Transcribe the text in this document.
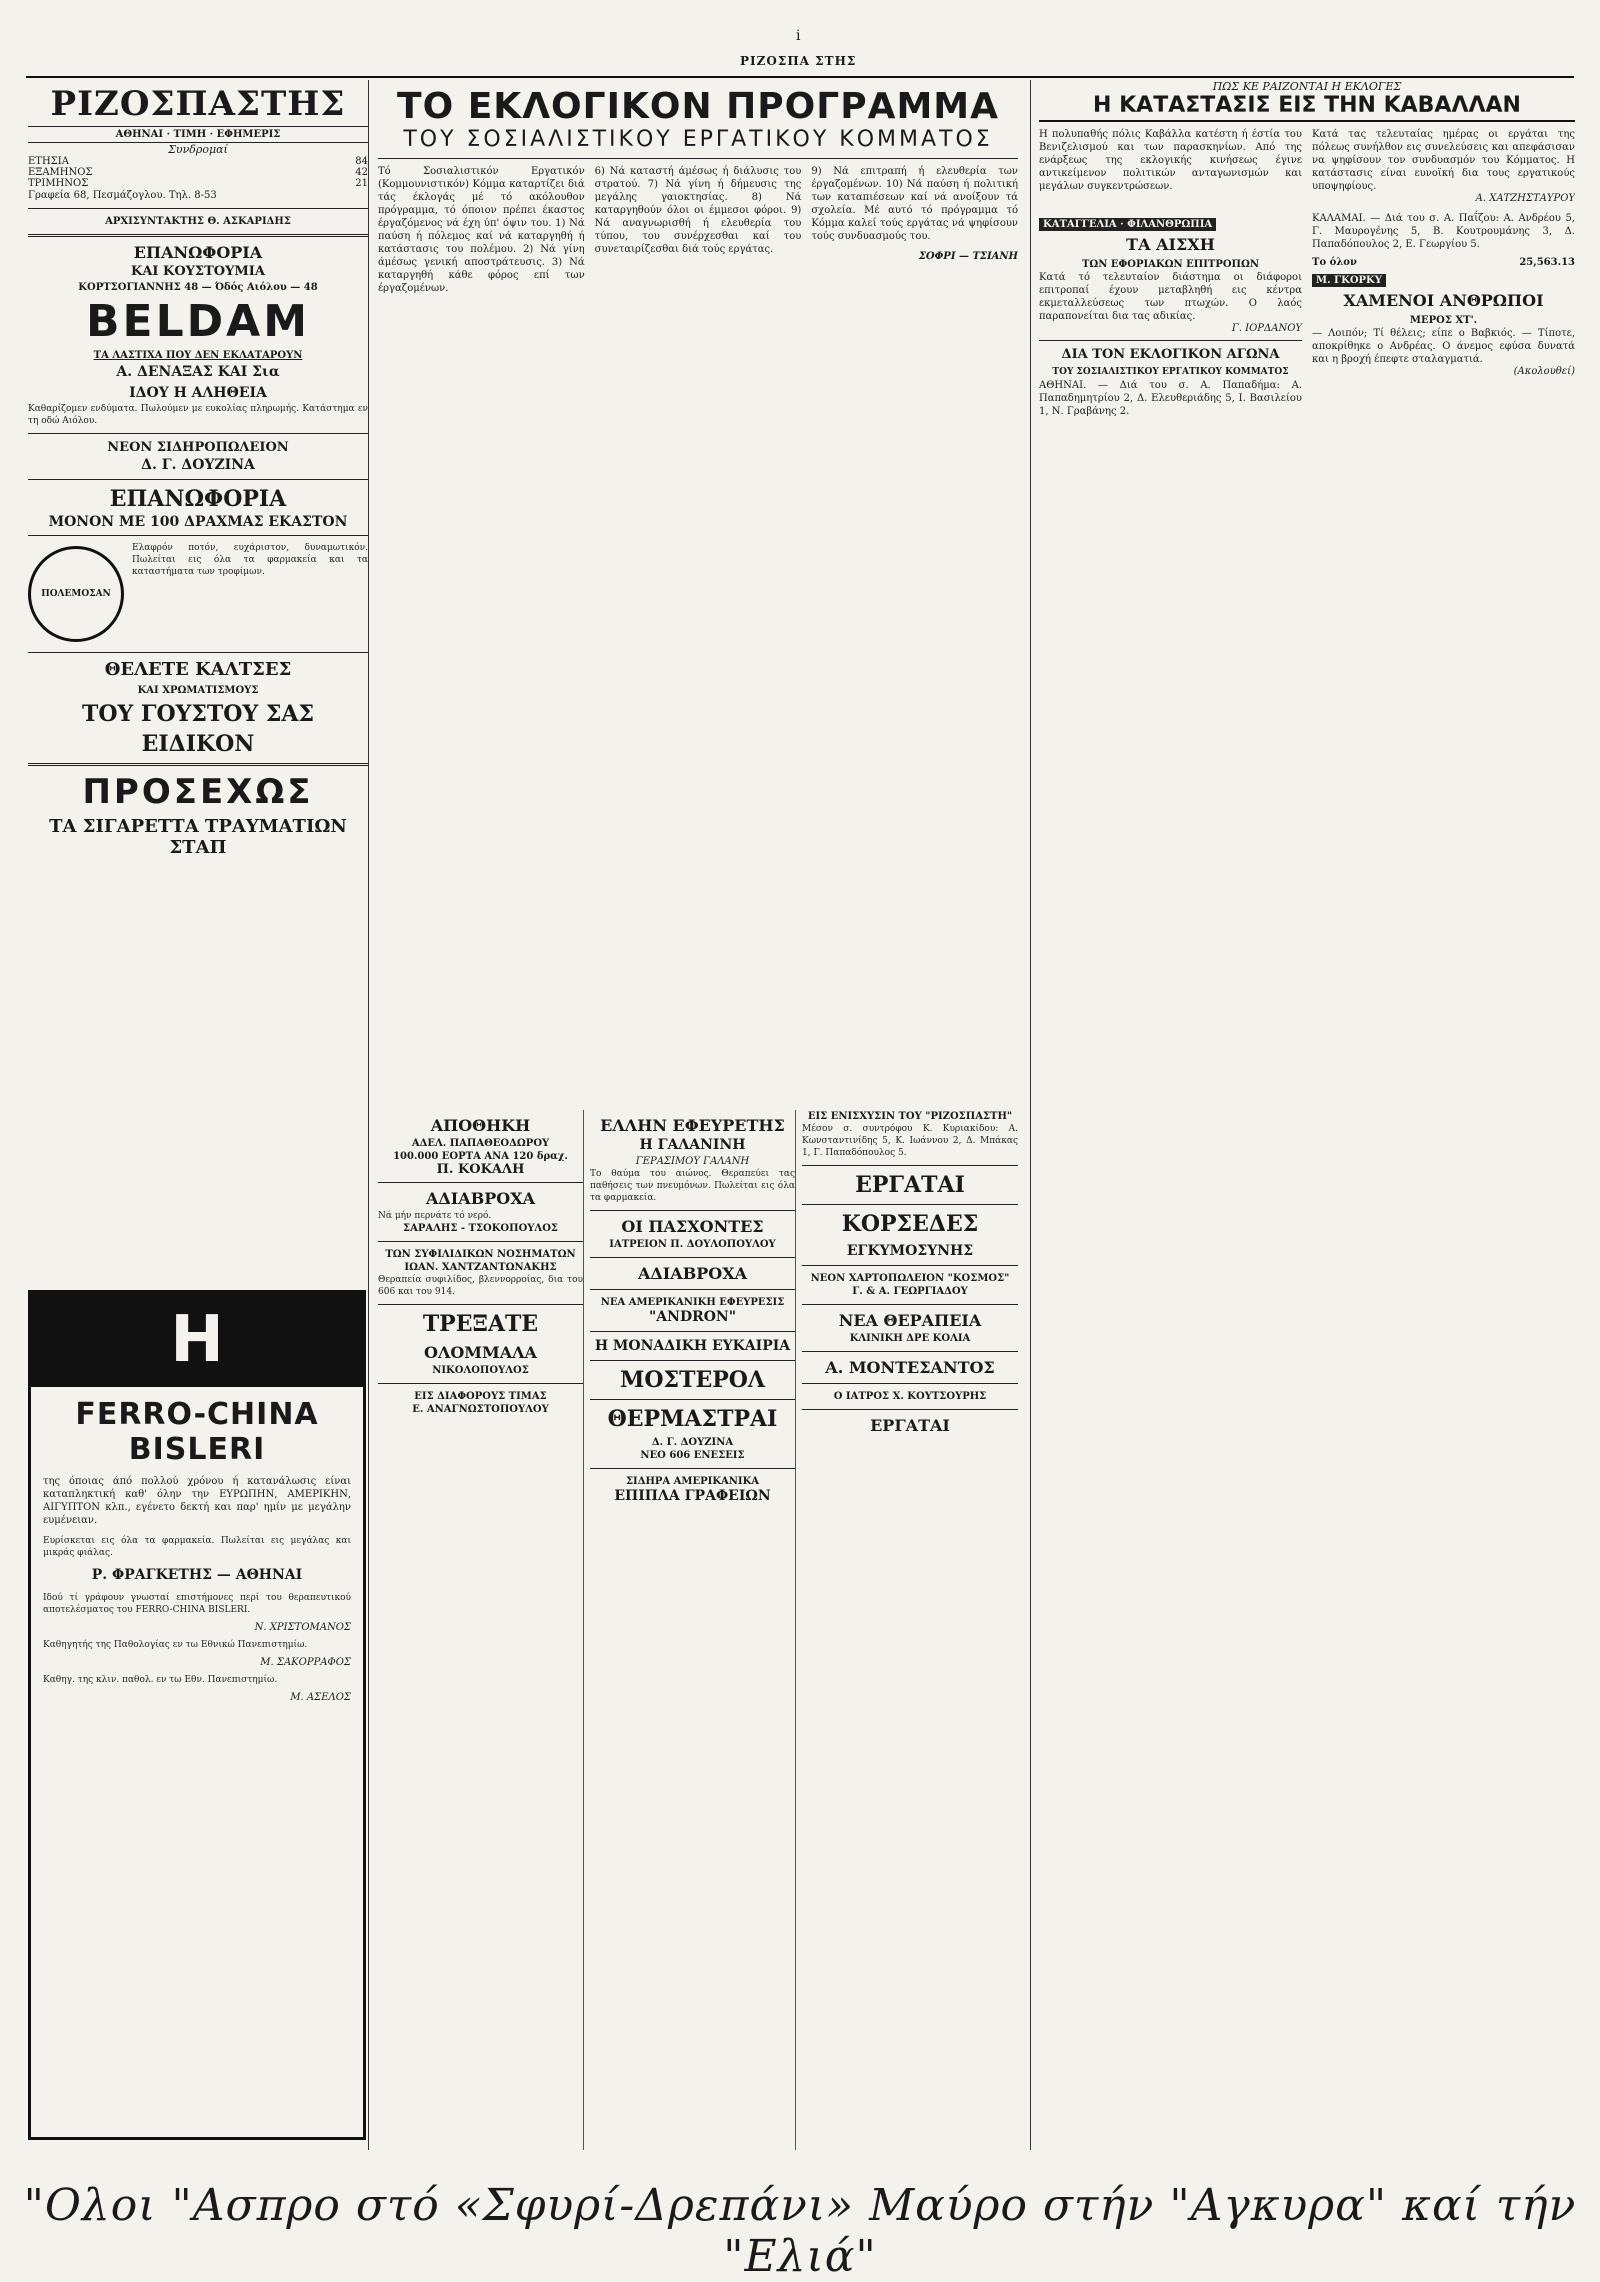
i
ΡΙΖΟΣΠΑ ΣΤΗΣ
ΡΙΖΟΣΠΑΣΤΗΣ
ΑΘΗΝΑΙ · ΤΙΜΗ · ΕΦΗΜΕΡΙΣ
Συνδρομαί
ΕΤΗΣΙΑ	84
ΕΞΑΜΗΝΟΣ	42
ΤΡΙΜΗΝΟΣ	21
Γραφεία 68, Πεσμάζογλου. Τηλ. 8-53
ΑΡΧΙΣΥΝΤΑΚΤΗΣ Θ. ΑΣΚΑΡΙΔΗΣ
ΕΠΑΝΩΦΟΡΙΑ
ΚΑΙ ΚΟΥΣΤΟΥΜΙΑ
ΚΟΡΤΣΟΓΙΑΝΝΗΣ 48 — Όδός Αιόλου — 48
BELDAM
ΤΑ ΛΑΣΤΙΧΑ ΠΟΥ ΔΕΝ ΕΚΛΑΤΑΡΟΥΝ
Α. ΔΕΝΑΞΑΣ ΚΑΙ Σια
ΙΔΟΥ Η ΑΛΗΘΕΙΑ
Καθαρίζομεν ενδύματα. Πωλούμεν με ευκολίας πληρωμής. Κατάστημα εν τη οδώ Αιόλου.
ΝΕΟΝ ΣΙΔΗΡΟΠΩΛΕΙΟΝ
Δ. Γ. ΔΟΥΖΙΝΑ
ΕΠΑΝΩΦΟΡΙΑ
ΜΟΝΟΝ ΜΕ 100 ΔΡΑΧΜΑΣ ΕΚΑΣΤΟΝ
ΠΟΛΕΜΟΣΑΝ
Ελαφρόν ποτόν, ευχάριστον, δυναμωτικόν. Πωλείται εις όλα τα φαρμακεία και τα καταστήματα των τροφίμων.
ΘΕΛΕΤΕ ΚΑΛΤΣΕΣ
ΚΑΙ ΧΡΩΜΑΤΙΣΜΟΥΣ
ΤΟΥ ΓΟΥΣΤΟΥ ΣΑΣ
ΕΙΔΙΚΟΝ
ΠΡΟΣΕΧΩΣ
ΤΑ ΣΙΓΑΡΕΤΤΑ ΤΡΑΥΜΑΤΙΩΝ ΣΤΑΠ
Η
FERRO-CHINA BISLERI
της όποιας άπό πολλού χρόνου ή κατανάλωσις είναι καταπληκτική καθ' όλην την ΕΥΡΩΠΗΝ, ΑΜΕΡΙΚΗΝ, ΑΙΓΥΠΤΟΝ κλπ., εγένετο δεκτή και παρ' ημίν με μεγάλην ευμένειαν.
Ευρίσκεται εις όλα τα φαρμακεία. Πωλείται εις μεγάλας και μικράς φιάλας.
Ρ. ΦΡΑΓΚΕΤΗΣ — ΑΘΗΝΑΙ
Ιδού τί γράφουν γνωσταί επιστήμονες περί του θεραπευτικού αποτελέσματος του FERRO-CHINA BISLERI.
Ν. ΧΡΙΣΤΟΜΑΝΟΣ
Καθηγητής της Παθολογίας εν τω Εθνικώ Πανεπιστημίω.
Μ. ΣΑΚΟΡΡΑΦΟΣ
Καθηγ. της κλιν. παθολ. εν τω Εθν. Πανεπιστημίω.
Μ. ΑΣΕΛΟΣ
ΤΟ ΕΚΛΟΓΙΚΟΝ ΠΡΟΓΡΑΜΜΑ
ΤΟΥ ΣΟΣΙΑΛΙΣΤΙΚΟΥ ΕΡΓΑΤΙΚΟΥ ΚΟΜΜΑΤΟΣ
Τό Σοσιαλιστικόν Εργατικόν (Κομμουνιστικόν) Κόμμα καταρτίζει διά τάς έκλογάς μέ τό ακόλουθον πρόγραμμα, τό όποιον πρέπει έκαστος έργαζόμενος νά έχη ύπ' όψιν του. 1) Νά παύση ή πόλεμος καί νά καταργηθή ή κατάστασις του πολέμου. 2) Νά γίνη άμέσως γενική αποστράτευσις. 3) Νά καταργηθή κάθε φόρος επί των έργαζομένων.
6) Νά καταστή άμέσως ή διάλυσις του στρατού. 7) Νά γίνη ή δήμευσις της μεγάλης γαιοκτησίας. 8) Νά καταργηθούν όλοι οι έμμεσοι φόροι. 9) Νά αναγνωρισθή ή ελευθερία του τύπου, του συνέρχεσθαι καί του συνεταιρίζεσθαι διά τούς εργάτας.
9) Νά επιτραπή ή ελευθερία των έργαζομένων. 10) Νά παύση ή πολιτική των καταπιέσεων καί νά ανοίξουν τά σχολεία. Μέ αυτό τό πρόγραμμα τό Κόμμα καλεί τούς εργάτας νά ψηφίσουν τούς συνδυασμούς του.
ΣΟΦΡΙ — ΤΣΙΑΝΗ
ΑΠΟΘΗΚΗ
ΑΔΕΛ. ΠΑΠΑΘΕΟΔΩΡΟΥ
100.000 ΕΟΡΤΑ ΑΝΑ 120 δραχ.
Π. ΚΟΚΑΛΗ
ΑΔΙΑΒΡΟΧΑ
Νά μήν περνάτε τό νερό.
ΣΑΡΑΛΗΣ - ΤΣΟΚΟΠΟΥΛΟΣ
ΤΩΝ ΣΥΦΙΛΙΔΙΚΩΝ ΝΟΣΗΜΑΤΩΝ
ΙΩΑΝ. ΧΑΝΤΖΑΝΤΩΝΑΚΗΣ
Θεραπεία συφιλίδος, βλεννορροίας, δια του 606 και του 914.
ΤΡΕΞΑΤΕ
ΟΛΟΜΜΑΛΑ
ΝΙΚΟΛΟΠΟΥΛΟΣ
ΕΙΣ ΔΙΑΦΟΡΟΥΣ ΤΙΜΑΣ
Ε. ΑΝΑΓΝΩΣΤΟΠΟΥΛΟΥ
ΕΛΛΗΝ ΕΦΕΥΡΕΤΗΣ
Η ΓΑΛΑΝΙΝΗ
ΓΕΡΑΣΙΜΟΥ ΓΑΛΑΝΗ
Το θαύμα του αιώνος. Θεραπεύει τας παθήσεις των πνευμόνων. Πωλείται εις όλα τα φαρμακεία.
ΟΙ ΠΑΣΧΟΝΤΕΣ
ΙΑΤΡΕΙΟΝ Π. ΔΟΥΛΟΠΟΥΛΟΥ
ΑΔΙΑΒΡΟΧΑ
ΝΕΑ ΑΜΕΡΙΚΑΝΙΚΗ ΕΦΕΥΡΕΣΙΣ
"ANDRON"
Η ΜΟΝΑΔΙΚΗ ΕΥΚΑΙΡΙΑ
ΜΟΣΤΕΡΟΛ
ΘΕΡΜΑΣΤΡΑΙ
Δ. Γ. ΔΟΥΖΙΝΑ
ΝΕΟ 606 ΕΝΕΣΕΙΣ
ΣΙΔΗΡΑ ΑΜΕΡΙΚΑΝΙΚΑ
ΕΠΙΠΛΑ ΓΡΑΦΕΙΩΝ
ΕΙΣ ΕΝΙΣΧΥΣΙΝ ΤΟΥ "ΡΙΖΟΣΠΑΣΤΗ"
Μέσον σ. συντρόφου Κ. Κυριακίδου: Α. Κωνσταντινίδης 5, Κ. Ιωάννου 2, Δ. Μπάκας 1, Γ. Παπαδόπουλος 5.
ΕΡΓΑΤΑΙ
ΚΟΡΣΕΔΕΣ
ΕΓΚΥΜΟΣΥΝΗΣ
ΝΕΟΝ ΧΑΡΤΟΠΩΛΕΙΟΝ "ΚΟΣΜΟΣ"
Γ. & Α. ΓΕΩΡΓΙΑΔΟΥ
ΝΕΑ ΘΕΡΑΠΕΙΑ
ΚΛΙΝΙΚΗ ΔΡΕ ΚΟΛΙΑ
Α. ΜΟΝΤΕΣΑΝΤΟΣ
Ο ΙΑΤΡΟΣ Χ. ΚΟΥΤΣΟΥΡΗΣ
ΕΡΓΑΤΑΙ
ΠΩΣ ΚΕ ΡΑΙΖΟΝΤΑΙ Η ΕΚΛΟΓΕΣ
Η ΚΑΤΑΣΤΑΣΙΣ ΕΙΣ ΤΗΝ ΚΑΒΑΛΛΑΝ
Η πολυπαθής πόλις Καβάλλα κατέστη ή έστία του Βενιζελισμού και των παρασκηνίων. Από της ενάρξεως της εκλογικής κινήσεως έγινε αντικείμενον πολιτικών ανταγωνισμών και μεγάλων συγκεντρώσεων.
Κατά τας τελευταίας ημέρας οι εργάται της πόλεως συνήλθον εις συνελεύσεις και απεφάσισαν να ψηφίσουν τον συνδυασμόν του Κόμματος. Η κατάστασις είναι ευνοϊκή δια τους εργατικούς υποψηφίους.
Α. ΧΑΤΖΗΣΤΑΥΡΟΥ
ΚΑΤΑΓΓΕΛΙΑ · ΦΙΛΑΝΘΡΩΠΙΑ
ΤΑ ΑΙΣΧΗ
ΤΩΝ ΕΦΟΡΙΑΚΩΝ ΕΠΙΤΡΟΠΩΝ
Κατά τό τελευταίον διάστημα οι διάφοροι επιτροπαί έχουν μεταβληθή εις κέντρα εκμεταλλεύσεως των πτωχών. Ο λαός παραπονείται δια τας αδικίας.
Γ. ΙΟΡΔΑΝΟΥ
ΔΙΑ ΤΟΝ ΕΚΛΟΓΙΚΟΝ ΑΓΩΝΑ
ΤΟΥ ΣΟΣΙΑΛΙΣΤΙΚΟΥ ΕΡΓΑΤΙΚΟΥ ΚΟΜΜΑΤΟΣ
ΑΘΗΝΑΙ. — Διά του σ. Α. Παπαδήμα: Α. Παπαδημητρίου 2, Δ. Ελευθεριάδης 5, Ι. Βασιλείου 1, Ν. Γραβάνης 2.
ΚΑΛΑΜΑΙ. — Διά του σ. Α. Παΐζου: Α. Ανδρέου 5, Γ. Μαυρογένης 5, Β. Κουτρουμάνης 3, Δ. Παπαδόπουλος 2, Ε. Γεωργίου 5.
Το όλον	25,563.13
Μ. ΓΚΟΡΚΥ
ΧΑΜΕΝΟΙ ΑΝΘΡΩΠΟΙ
ΜΕΡΟΣ ΧΤ'.
— Λοιπόν; Τί θέλεις; είπε ο Βαβκιός. — Τίποτε, αποκρίθηκε ο Ανδρέας. Ο άνεμος εφύσα δυνατά και η βροχή έπεφτε σταλαγματιά.
(Ακολουθεί)
"Ολοι "Ασπρο στό «Σφυρί-Δρεπάνι» Μαύρο στήν "Αγκυρα" καί τήν "Ελιά"
